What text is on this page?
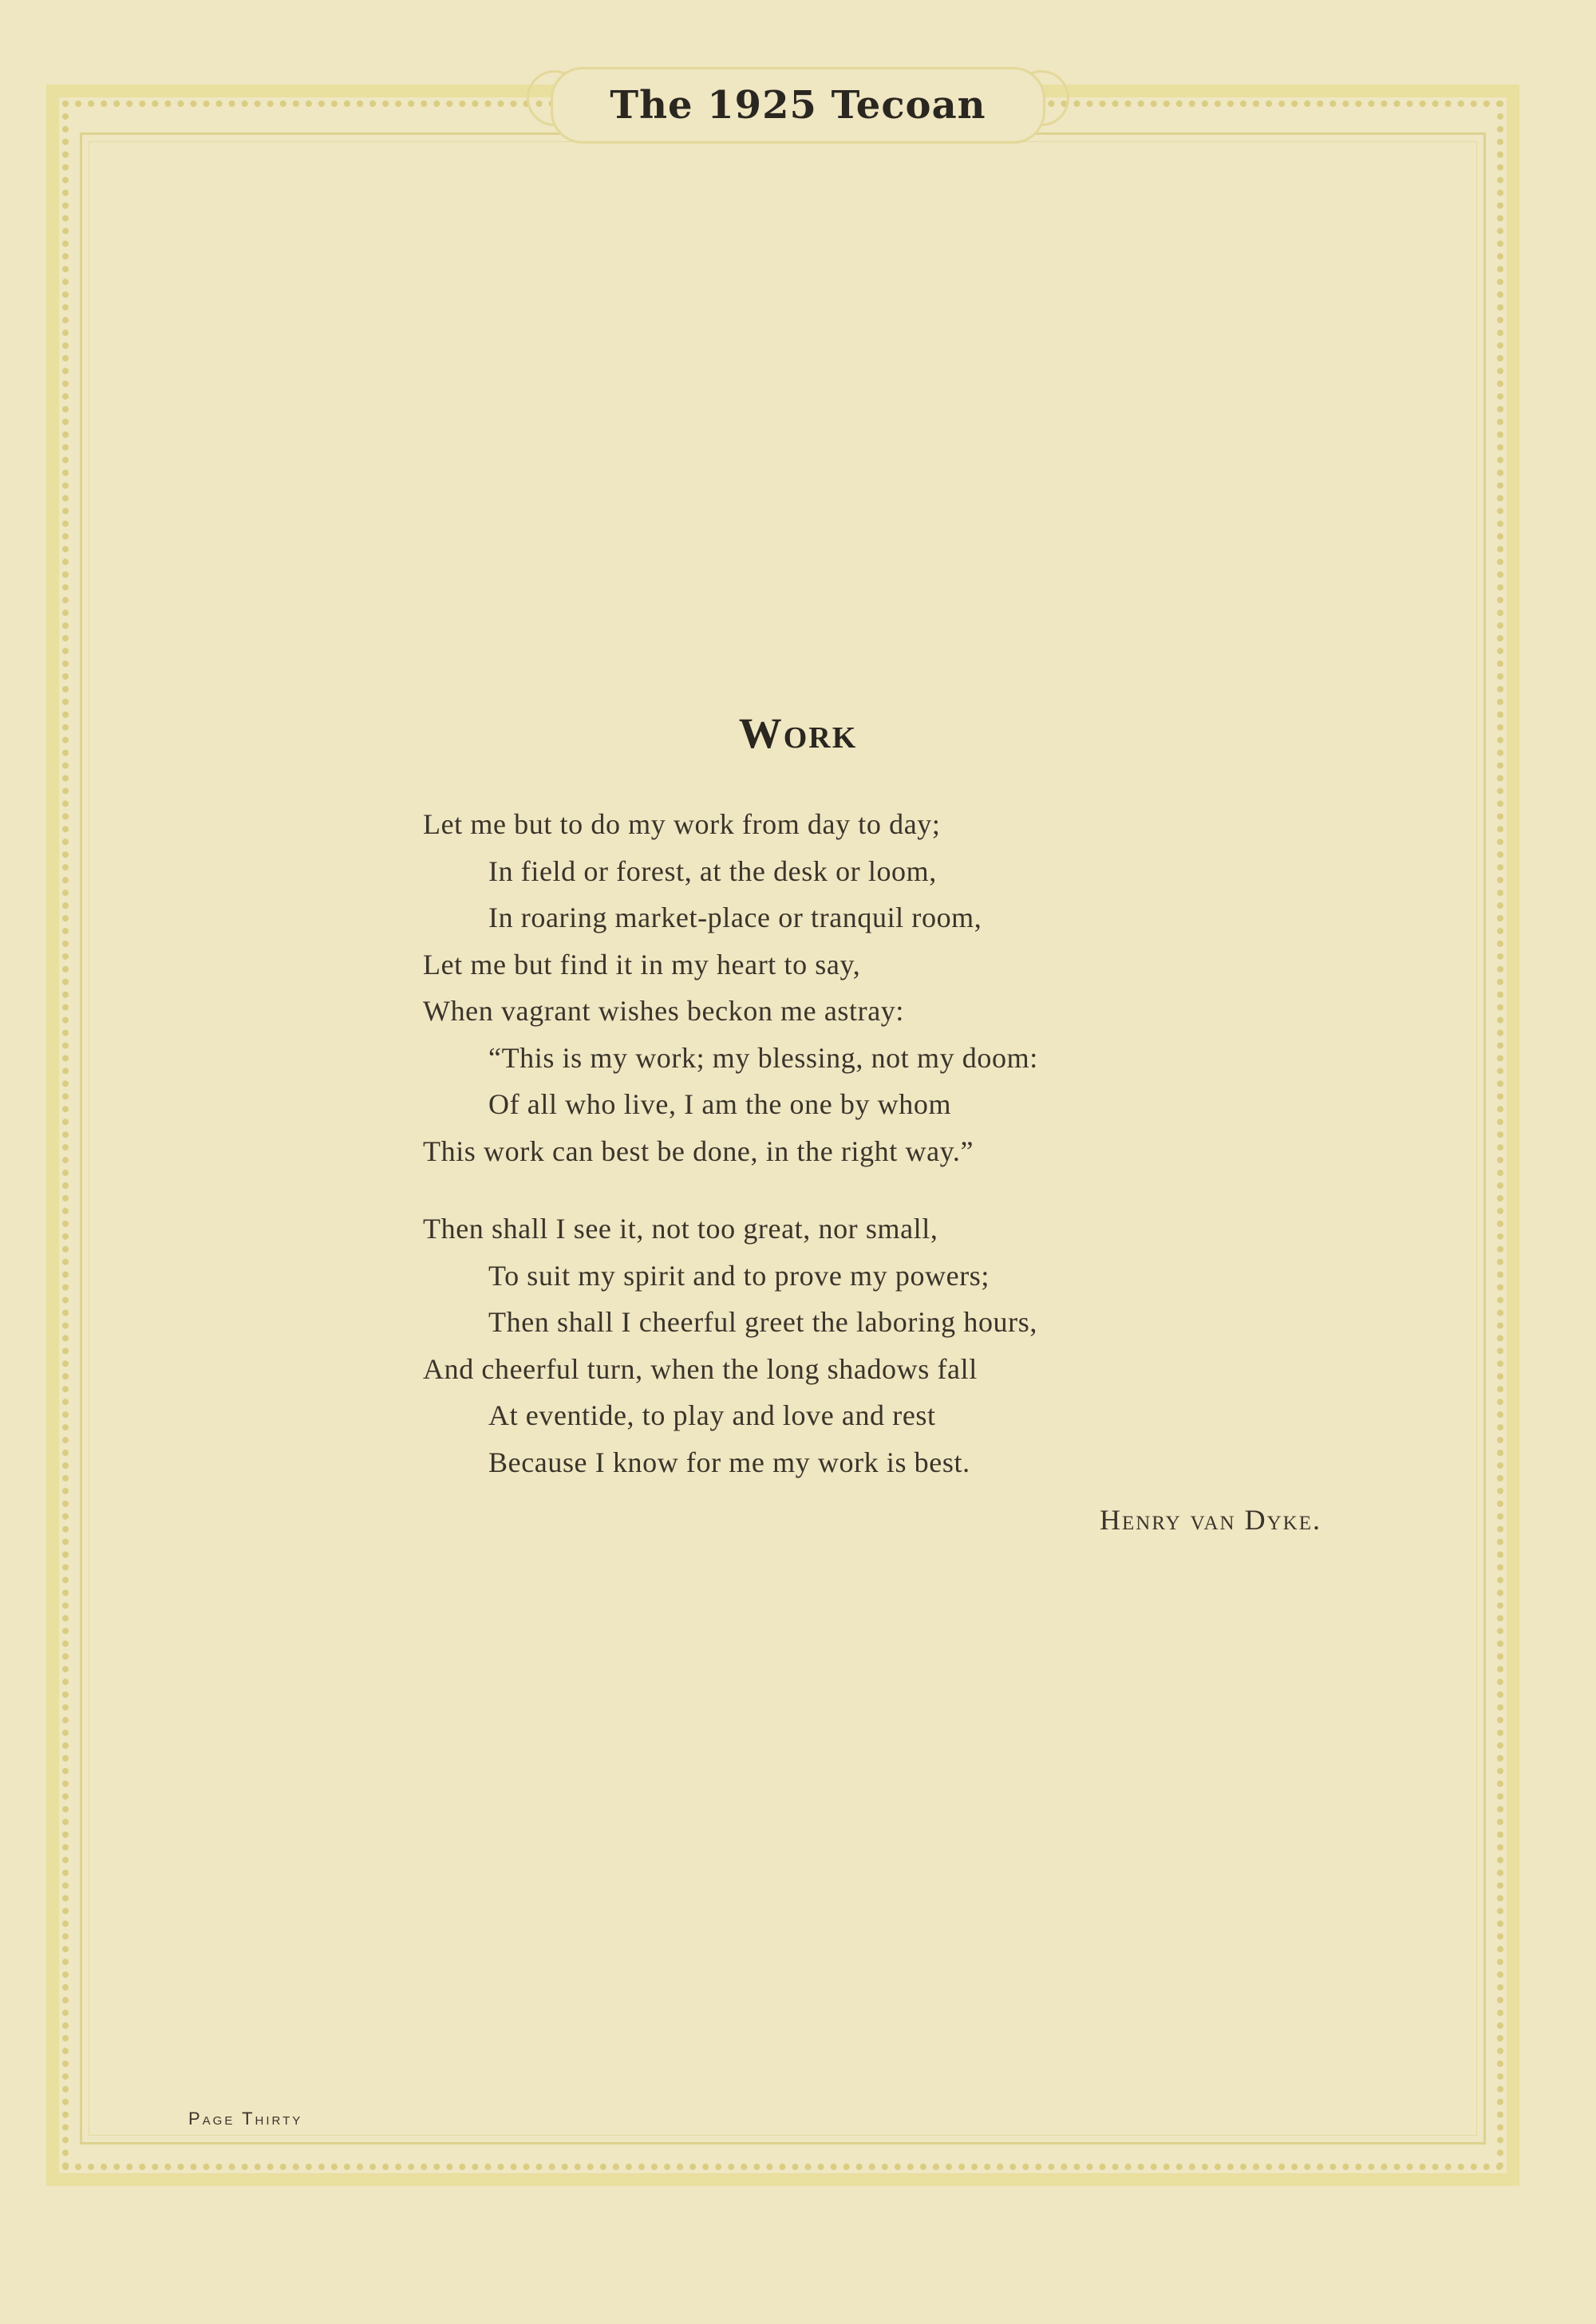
The 1925 Tecoan
Work
Let me but to do my work from day to day;
In field or forest, at the desk or loom,
In roaring market-place or tranquil room,
Let me but find it in my heart to say,
When vagrant wishes beckon me astray:
“This is my work; my blessing, not my doom:
Of all who live, I am the one by whom
This work can best be done, in the right way.”
Then shall I see it, not too great, nor small,
To suit my spirit and to prove my powers;
Then shall I cheerful greet the laboring hours,
And cheerful turn, when the long shadows fall
At eventide, to play and love and rest
Because I know for me my work is best.
Henry van Dyke.
Page Thirty
